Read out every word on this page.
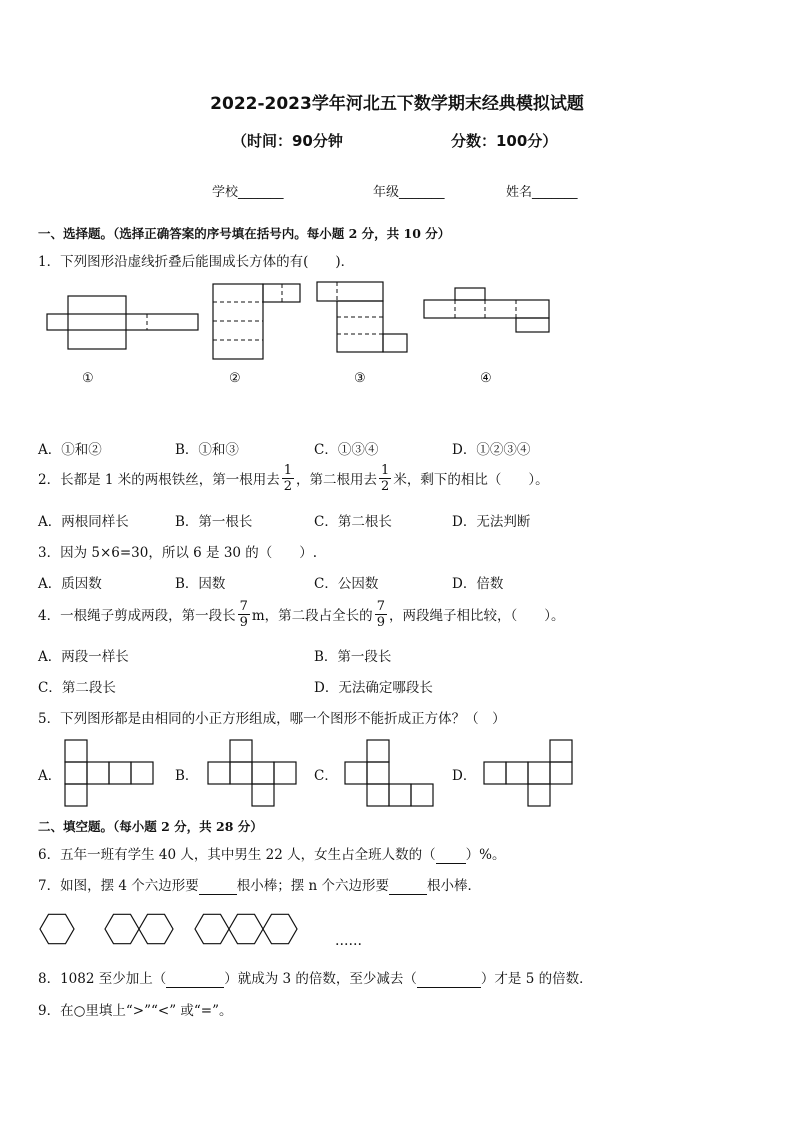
2022-2023学年河北五下数学期末经典模拟试题
（时间：90分钟	分数：100分）
学校_______	年级_______	姓名_______
一、选择题。（选择正确答案的序号填在括号内。每小题 2 分，共 10 分）
1．下列图形沿虚线折叠后能围成长方体的有(　　)．
①	②	③	④
A．①和②	B．①和③	C．①③④	D．①②③④
2．长都是 1 米的两根铁丝，第一根用去 $\frac{1}{2}$ ，第二根用去 $\frac{1}{2}$ 米，剩下的相比（　　）。
A．两根同样长	B．第一根长	C．第二根长	D．无法判断
3．因为 5×6=30，所以 6 是 30 的（　　）.
A．质因数	B．因数	C．公因数	D．倍数
4．一根绳子剪成两段，第一段长 $\frac{7}{9}$ m，第二段占全长的 $\frac{7}{9}$ ，两段绳子相比较，（　　）。
A．两段一样长	B．第一段长
C．第二段长	D．无法确定哪段长
5．下列图形都是由相同的小正方形组成，哪一个图形不能折成正方体？（　）
A．	B．	C．	D．
二、填空题。（每小题 2 分，共 28 分）
6．五年一班有学生 40 人，其中男生 22 人，女生占全班人数的（ ）%。
7．如图，摆 4 个六边形要	根小棒；摆 n 个六边形要	根小棒．
……
8．1082 至少加上（	）就成为 3 的倍数，至少减去（	）才是 5 的倍数．
9．在○里填上“>”“<” 或“=”。
